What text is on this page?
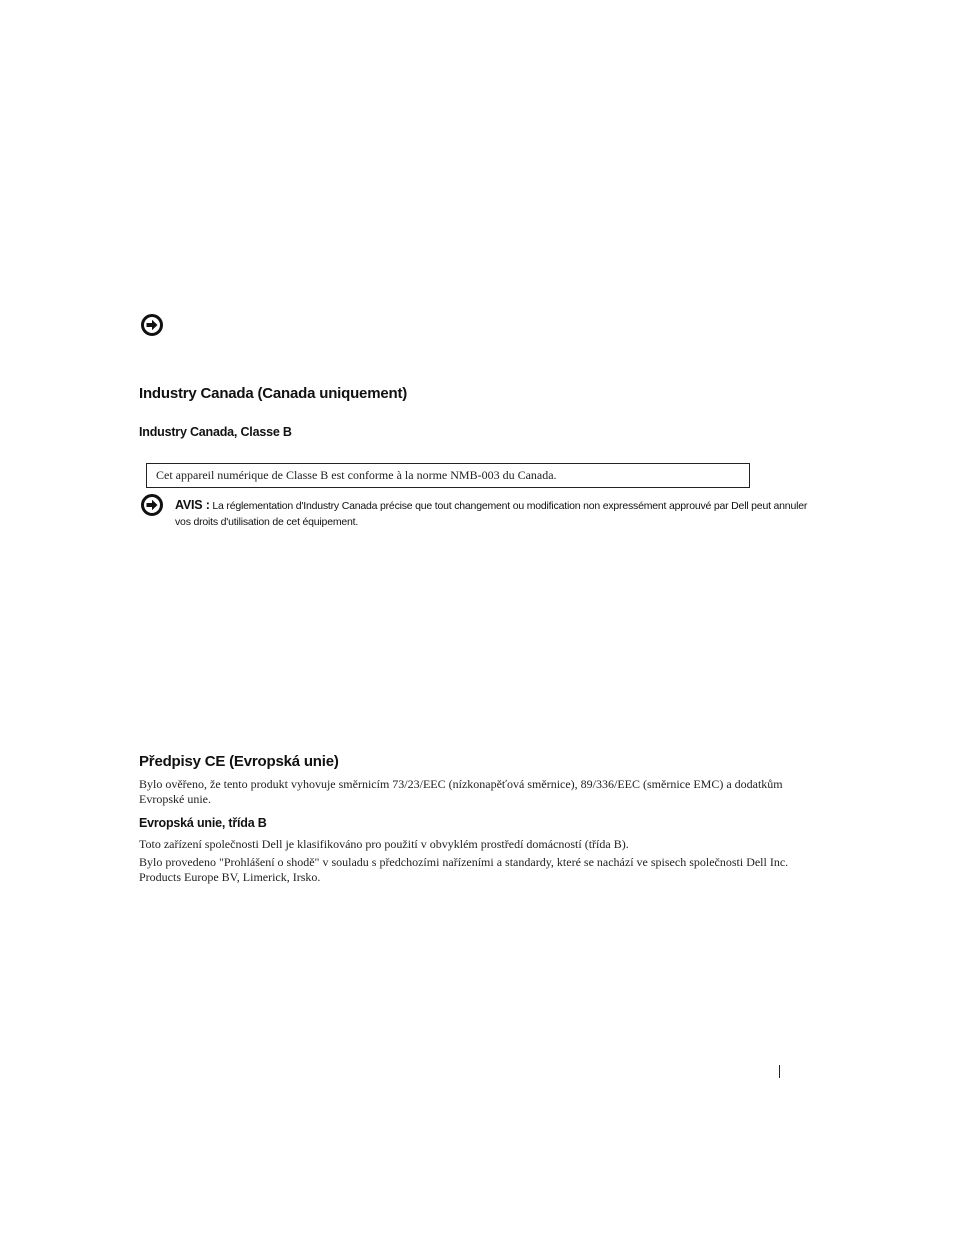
Industry Canada (Canada uniquement)
Industry Canada, Classe B
Cet appareil numérique de Classe B est conforme à la norme NMB-003 du Canada.
AVIS : La réglementation d'Industry Canada précise que tout changement ou modification non expressément approuvé par Dell peut annuler vos droits d'utilisation de cet équipement.
Předpisy CE (Evropská unie)
Bylo ověřeno, že tento produkt vyhovuje směrnicím 73/23/EEC (nízkonapěťová směrnice), 89/336/EEC (směrnice EMC) a dodatkům Evropské unie.
Evropská unie, třída B
Toto zařízení společnosti Dell je klasifikováno pro použití v obvyklém prostředí domácností (třída B).
Bylo provedeno "Prohlášení o shodě" v souladu s předchozími nařízeními a standardy, které se nachází ve spisech společnosti Dell Inc. Products Europe BV, Limerick, Irsko.
